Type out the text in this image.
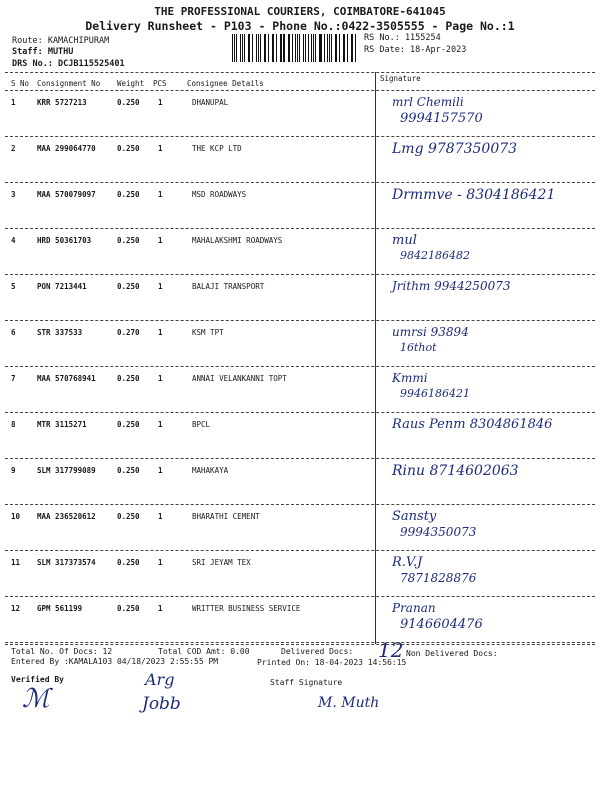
THE PROFESSIONAL COURIERS, COIMBATORE-641045
Delivery Runsheet - P103 - Phone No.:0422-3505555 - Page No.:1
Route: KAMACHIPURAM
Staff: MUTHU
DRS No.: DCJB115525401
RS No.: 1155254
RS Date: 18-Apr-2023
S No Consignment No Weight PCS	Consignee Details
Signature
1	KRR 5727213	0.250 1	DHANUPAL	mrl Chemili
9994157570
2	MAA 299064770	0.250 1	THE KCP LTD	Lmg 9787350073
3	MAA 570079097	0.250 1	MSD ROADWAYS	Drmmve - 8304186421
4	HRD 50361703	0.250 1	MAHALAKSHMI ROADWAYS	mul
9842186482
5	PON 7213441	0.250 1	BALAJI TRANSPORT	Jrithm 9944250073
6	STR 337533	0.270 1	KSM TPT	umrsi 93894
16thot
7	MAA 570768941	0.250 1	ANNAI VELANKANNI TOPT	Kmmi
9946186421
8	MTR 3115271	0.250 1	BPCL	Raus Penm 8304861846
9	SLM 317799089	0.250 1	MAHAKAYA	Rinu 8714602063
10 MAA 236520612	0.250 1	BHARATHI CEMENT	Sansty
9994350073
11 SLM 317373574	0.250 1	SRI JEYAM TEX	R.V.J
7871828876
12 GPM 561199	0.250 1	WRITTER BUSINESS SERVICE	Pranan
9146604476
Total No. Of Docs: 12	Total COD Amt: 0.00	Delivered Docs: 12 Non Delivered Docs:
Entered By :KAMALA103 04/18/2023 2:55:55 PM	Printed On: 18-04-2023 14:56:15
Verified By
ℳ
Arg
Jobb
Staff Signature
M. Muth
